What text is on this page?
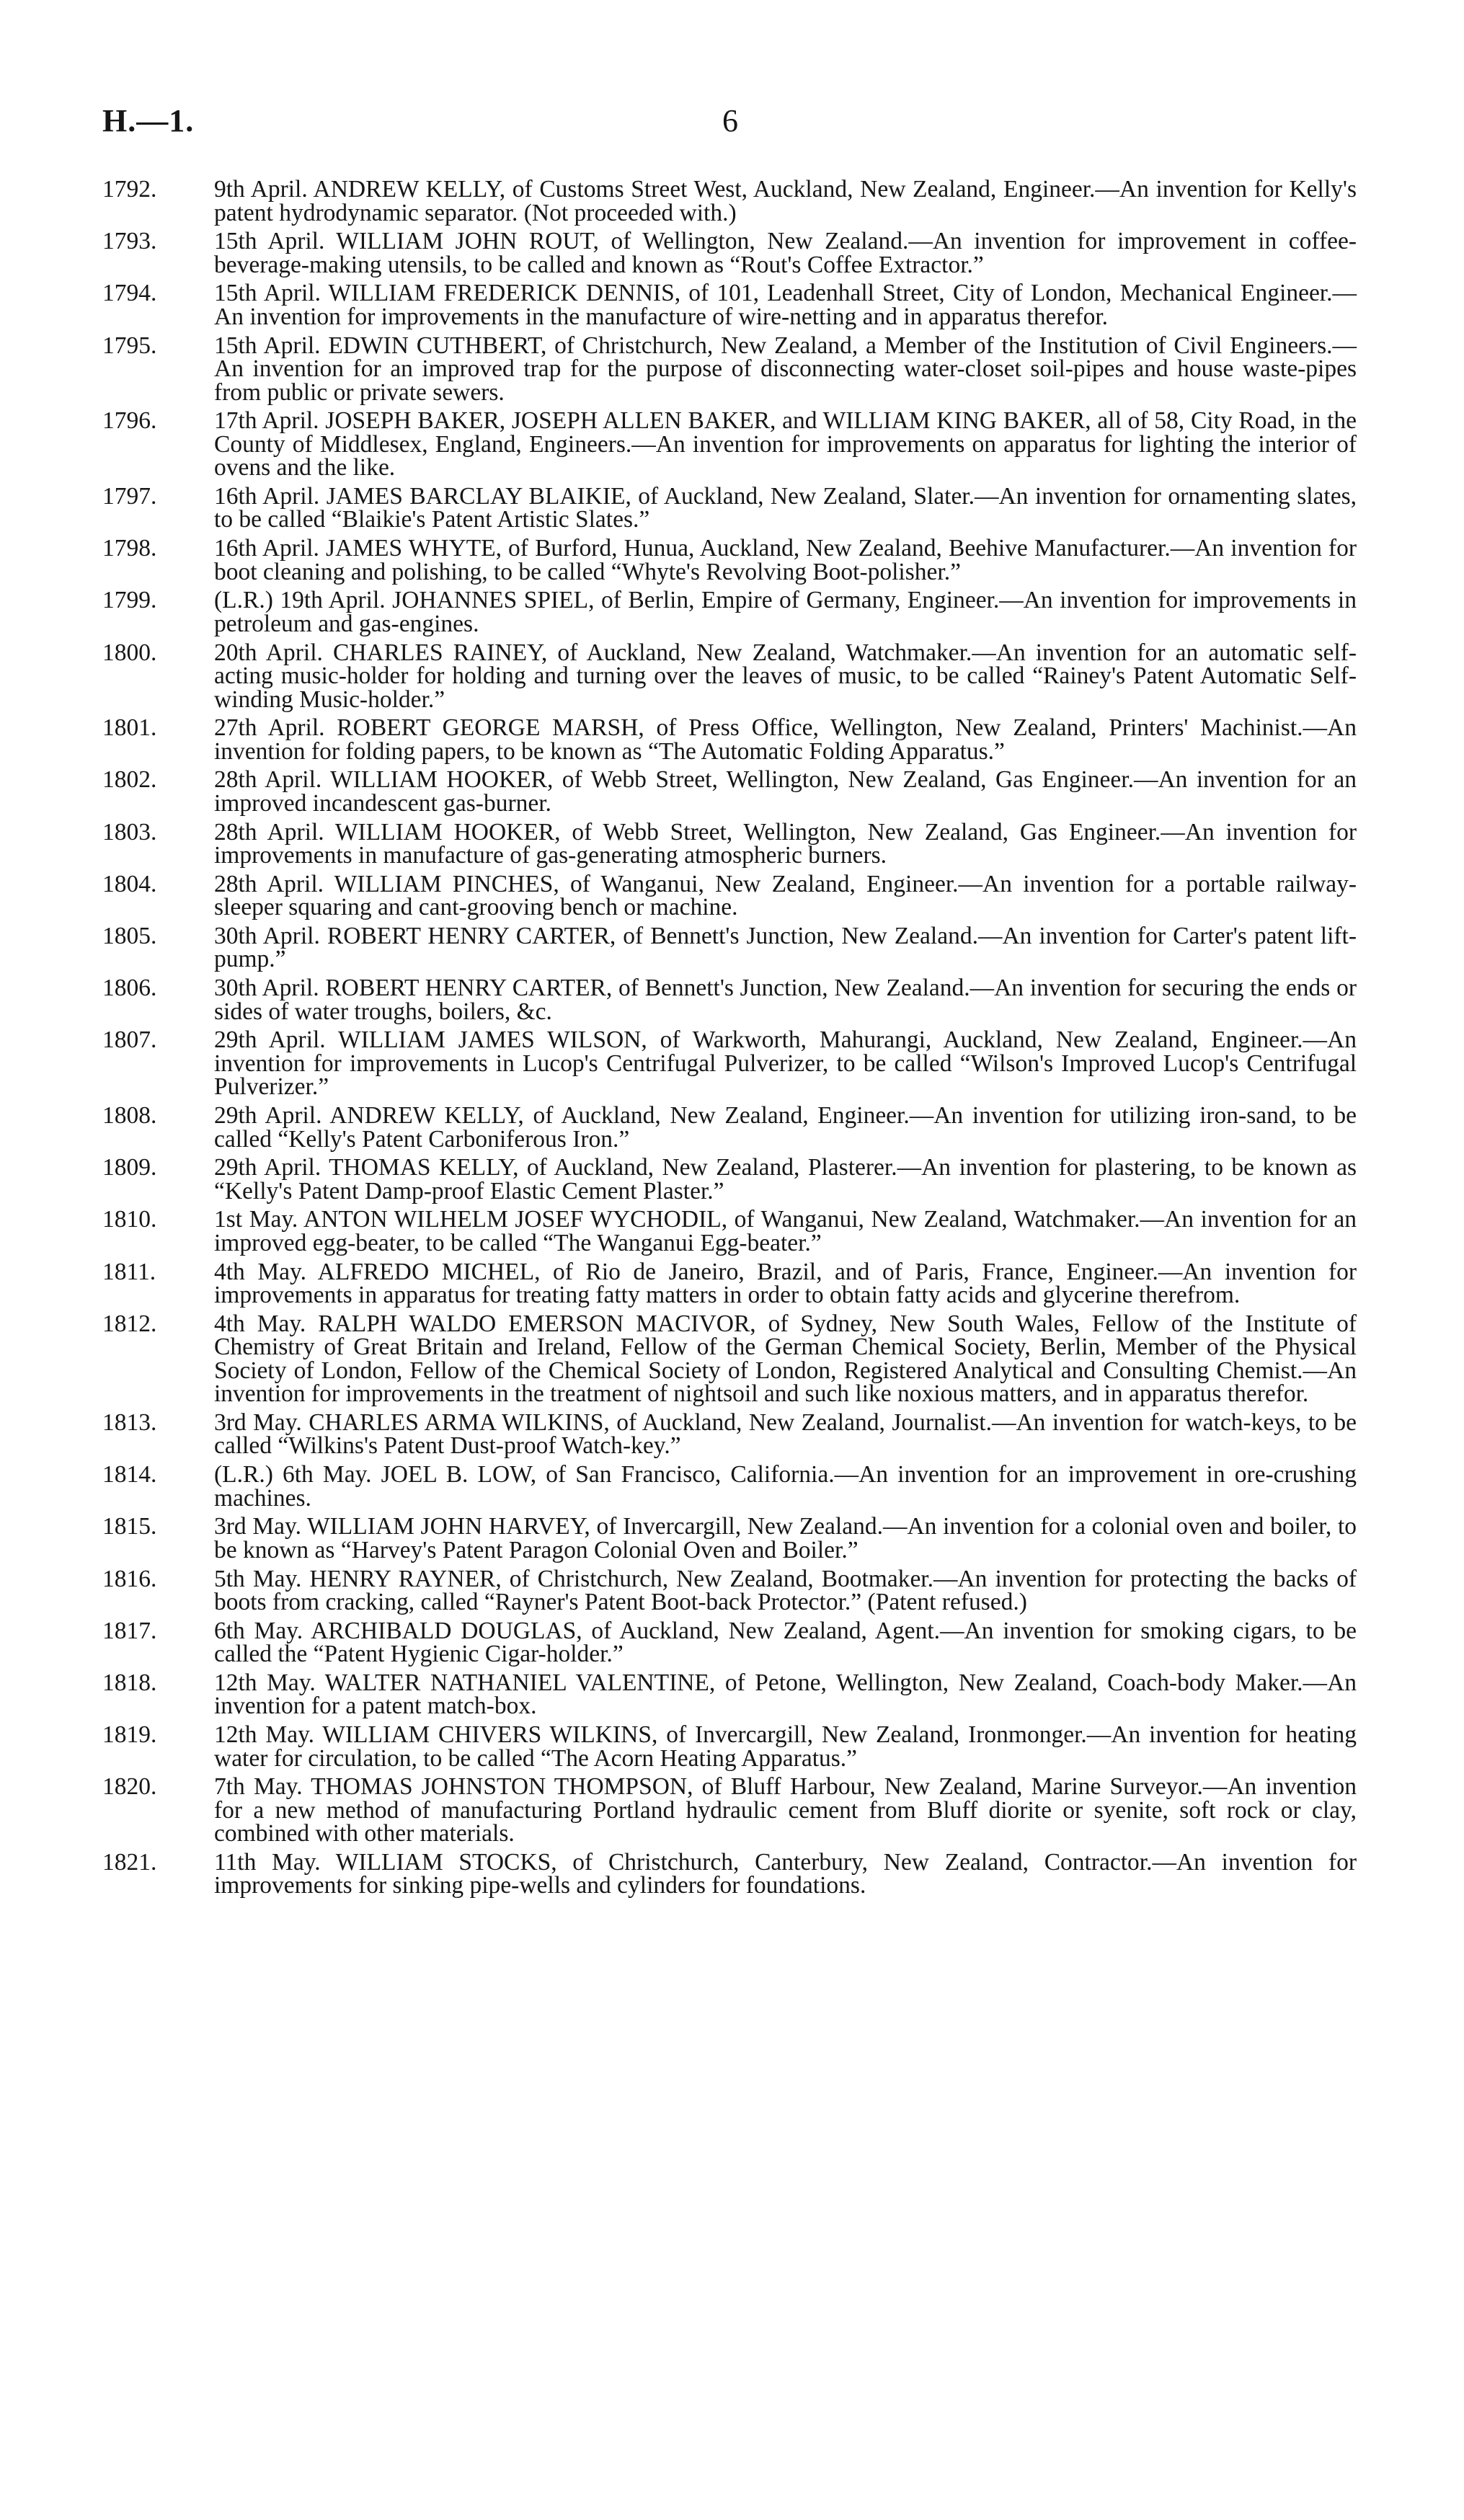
H.—1.	6
1792. 9th April. ANDREW KELLY, of Customs Street West, Auckland, New Zealand, Engineer.—An invention for Kelly's patent hydrodynamic separator. (Not proceeded with.)
1793. 15th April. WILLIAM JOHN ROUT, of Wellington, New Zealand.—An invention for improvement in coffee-beverage-making utensils, to be called and known as “Rout's Coffee Extractor.”
1794. 15th April. WILLIAM FREDERICK DENNIS, of 101, Leadenhall Street, City of London, Mechanical Engineer.—An invention for improvements in the manufacture of wire-netting and in apparatus therefor.
1795. 15th April. EDWIN CUTHBERT, of Christchurch, New Zealand, a Member of the Institution of Civil Engineers.—An invention for an improved trap for the purpose of disconnecting water-closet soil-pipes and house waste-pipes from public or private sewers.
1796. 17th April. JOSEPH BAKER, JOSEPH ALLEN BAKER, and WILLIAM KING BAKER, all of 58, City Road, in the County of Middlesex, England, Engineers.—An invention for improvements on apparatus for lighting the interior of ovens and the like.
1797. 16th April. JAMES BARCLAY BLAIKIE, of Auckland, New Zealand, Slater.—An invention for ornamenting slates, to be called “Blaikie's Patent Artistic Slates.”
1798. 16th April. JAMES WHYTE, of Burford, Hunua, Auckland, New Zealand, Beehive Manufacturer.—An invention for boot cleaning and polishing, to be called “Whyte's Revolving Boot-polisher.”
1799. (L.R.) 19th April. JOHANNES SPIEL, of Berlin, Empire of Germany, Engineer.—An invention for improvements in petroleum and gas-engines.
1800. 20th April. CHARLES RAINEY, of Auckland, New Zealand, Watchmaker.—An invention for an automatic self-acting music-holder for holding and turning over the leaves of music, to be called “Rainey's Patent Automatic Self-winding Music-holder.”
1801. 27th April. ROBERT GEORGE MARSH, of Press Office, Wellington, New Zealand, Printers' Machinist.—An invention for folding papers, to be known as “The Automatic Folding Apparatus.”
1802. 28th April. WILLIAM HOOKER, of Webb Street, Wellington, New Zealand, Gas Engineer.—An invention for an improved incandescent gas-burner.
1803. 28th April. WILLIAM HOOKER, of Webb Street, Wellington, New Zealand, Gas Engineer.—An invention for improvements in manufacture of gas-generating atmospheric burners.
1804. 28th April. WILLIAM PINCHES, of Wanganui, New Zealand, Engineer.—An invention for a portable railway-sleeper squaring and cant-grooving bench or machine.
1805. 30th April. ROBERT HENRY CARTER, of Bennett's Junction, New Zealand.—An invention for Carter's patent lift-pump.”
1806. 30th April. ROBERT HENRY CARTER, of Bennett's Junction, New Zealand.—An invention for securing the ends or sides of water troughs, boilers, &c.
1807. 29th April. WILLIAM JAMES WILSON, of Warkworth, Mahurangi, Auckland, New Zealand, Engineer.—An invention for improvements in Lucop's Centrifugal Pulverizer, to be called “Wilson's Improved Lucop's Centrifugal Pulverizer.”
1808. 29th April. ANDREW KELLY, of Auckland, New Zealand, Engineer.—An invention for utilizing iron-sand, to be called “Kelly's Patent Carboniferous Iron.”
1809. 29th April. THOMAS KELLY, of Auckland, New Zealand, Plasterer.—An invention for plastering, to be known as “Kelly's Patent Damp-proof Elastic Cement Plaster.”
1810. 1st May. ANTON WILHELM JOSEF WYCHODIL, of Wanganui, New Zealand, Watchmaker.—An invention for an improved egg-beater, to be called “The Wanganui Egg-beater.”
1811. 4th May. ALFREDO MICHEL, of Rio de Janeiro, Brazil, and of Paris, France, Engineer.—An invention for improvements in apparatus for treating fatty matters in order to obtain fatty acids and glycerine therefrom.
1812. 4th May. RALPH WALDO EMERSON MACIVOR, of Sydney, New South Wales, Fellow of the Institute of Chemistry of Great Britain and Ireland, Fellow of the German Chemical Society, Berlin, Member of the Physical Society of London, Fellow of the Chemical Society of London, Registered Analytical and Consulting Chemist.—An invention for improvements in the treatment of nightsoil and such like noxious matters, and in apparatus therefor.
1813. 3rd May. CHARLES ARMA WILKINS, of Auckland, New Zealand, Journalist.—An invention for watch-keys, to be called “Wilkins's Patent Dust-proof Watch-key.”
1814. (L.R.) 6th May. JOEL B. LOW, of San Francisco, California.—An invention for an improvement in ore-crushing machines.
1815. 3rd May. WILLIAM JOHN HARVEY, of Invercargill, New Zealand.—An invention for a colonial oven and boiler, to be known as “Harvey's Patent Paragon Colonial Oven and Boiler.”
1816. 5th May. HENRY RAYNER, of Christchurch, New Zealand, Bootmaker.—An invention for protecting the backs of boots from cracking, called “Rayner's Patent Boot-back Protector.” (Patent refused.)
1817. 6th May. ARCHIBALD DOUGLAS, of Auckland, New Zealand, Agent.—An invention for smoking cigars, to be called the “Patent Hygienic Cigar-holder.”
1818. 12th May. WALTER NATHANIEL VALENTINE, of Petone, Wellington, New Zealand, Coach-body Maker.—An invention for a patent match-box.
1819. 12th May. WILLIAM CHIVERS WILKINS, of Invercargill, New Zealand, Ironmonger.—An invention for heating water for circulation, to be called “The Acorn Heating Apparatus.”
1820. 7th May. THOMAS JOHNSTON THOMPSON, of Bluff Harbour, New Zealand, Marine Surveyor.—An invention for a new method of manufacturing Portland hydraulic cement from Bluff diorite or syenite, soft rock or clay, combined with other materials.
1821. 11th May. WILLIAM STOCKS, of Christchurch, Canterbury, New Zealand, Contractor.—An invention for improvements for sinking pipe-wells and cylinders for foundations.
